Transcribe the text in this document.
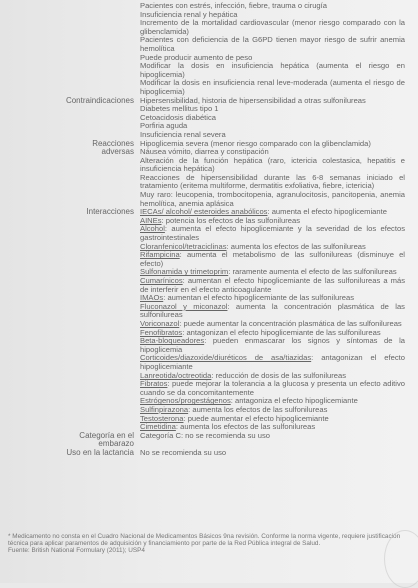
Pacientes con estrés, infección, fiebre, trauma o cirugía

Insuficiencia renal y hepática

Incremento de la mortalidad cardiovascular (menor riesgo comparado con la glibenclamida)

Pacientes con deficiencia de la G6PD tienen mayor riesgo de sufrir anemia hemolítica

Puede producir aumento de peso

Modificar la dosis en insuficiencia hepática (aumenta el riesgo en hipoglicemia)

Modificar la dosis en insuficiencia renal leve-moderada (aumenta el riesgo de hipoglicemia)

Contraindicaciones Hipersensibilidad, historia de hipersensibilidad a otras sulfonilureas

Diabetes mellitus tipo 1

Cetoacidosis diabética

Porfiria aguda

Insuficiencia renal severa

Reacciones
adversas

Hipoglicemia severa (menor riesgo comparado con la glibenclamida)

Náusea vómito, diarrea y constipación

Alteración de la función hepática (raro, ictericia colestasica, hepatitis e insuficiencia hepática)

Reacciones de hipersensibilidad durante las 6-8 semanas iniciado el tratamiento (eritema multiforme, dermatitis exfoliativa, fiebre, ictericia)

Muy raro: leucopenia, trombocitopenia, agranulocitosis, pancitopenia, anemia hemolítica, anemia aplásica

Interacciones IECAs/ alcohol/ esteroides anabólicos: aumenta el efecto hipoglicemiante

AINEs: potencia los efectos de las sulfonilureas

Alcohol: aumenta el efecto hipoglicemiante y la severidad de los efectos gastrointestinales

Cloranfenicol/tetraciclinas: aumenta los efectos de las sulfonilureas

Rifampicina: aumenta el metabolismo de las sulfonilureas (disminuye el efecto)

Sulfonamida y trimetoprim: raramente aumenta el efecto de las sulfonilureas

Cumarínicos: aumentan el efecto hipoglicemiante de las sulfonilureas a más de interferir en el efecto anticoagulante

IMAOs: aumentan el efecto hipoglicemiante de las sulfonilureas

Fluconazol y miconazol: aumenta la concentración plasmática de las sulfonilureas

Voriconazol: puede aumentar la concentración plasmática de las sulfonilureas

Fenofibratos: antagonizan el efecto hipoglicemiante de las sulfonilureas

Beta-bloqueadores: pueden enmascarar los signos y síntomas de la hipoglicemia

Corticoides/diazoxide/diuréticos de asa/tiazidas: antagonizan el efecto hipoglicemiante

Lanreotida/octreotida: reducción de dosis de las sulfonilureas

Fibratos: puede mejorar la tolerancia a la glucosa y presenta un efecto aditivo cuando se da concomitantemente

Estrógenos/progestágenos: antagoniza el efecto hipoglicemiante

Sulfinpirazona: aumenta los efectos de las sulfonilureas

Testosterona: puede aumentar el efecto hipoglicemiante

Cimetidina: aumenta los efectos de las sulfonilureas

Categoría en el
embarazo

Categoría C: no se recomienda su uso

Uso en la lactancia No se recomienda su uso

* Medicamento no consta en el Cuadro Nacional de Medicamentos Básicos 9na revisión. Conforme la norma vigente, requiere justificación técnica para aplicar paramentos de adquisición y financiamiento por parte de la Red Pública integral de Salud.

Fuente: British National Formulary (2011); USP4
